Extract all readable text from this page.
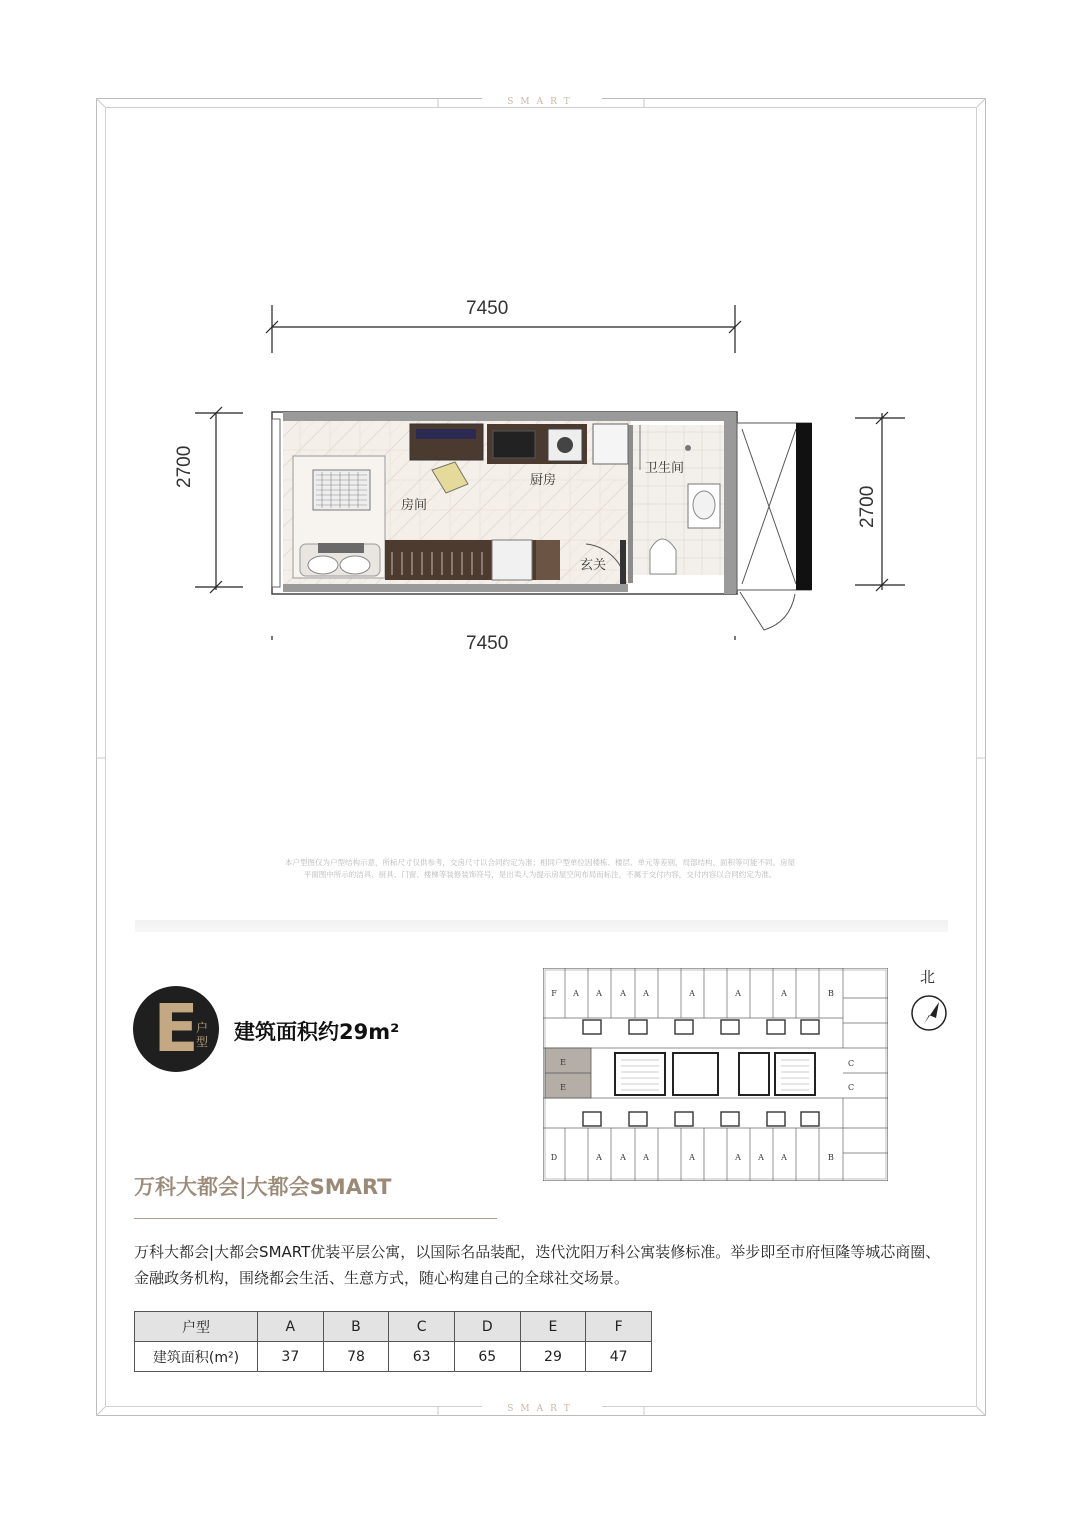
SMART
SMART
7450
7450
2700
2700
房间
厨房
卫生间
玄关
本户型图仅为户型结构示意，所标尺寸仅供参考，交房尺寸以合同约定为准；相同户型单位因楼栋、楼层、单元等差别，局部结构、面积等可能不同。房屋
平面图中所示的洁具、厨具、门窗、楼梯等装修装饰符号，是出卖人为提示房屋空间布局而标注，不属于交付内容，交付内容以合同约定为准。
E
户
型 建筑面积约29m²
F A A A A	A	A	A	B
D	A A A	A	A A A	B
C
C
E
E
北
万科大都会|大都会SMART
万科大都会|大都会SMART优装平层公寓，以国际名品装配，迭代沈阳万科公寓装修标准。举步即至市府恒隆等城芯商圈、
金融政务机构，围绕都会生活、生意方式，随心构建自己的全球社交场景。
户型	A	B	C	D	E	F
建筑面积(m²)	37	78	63	65	29	47
